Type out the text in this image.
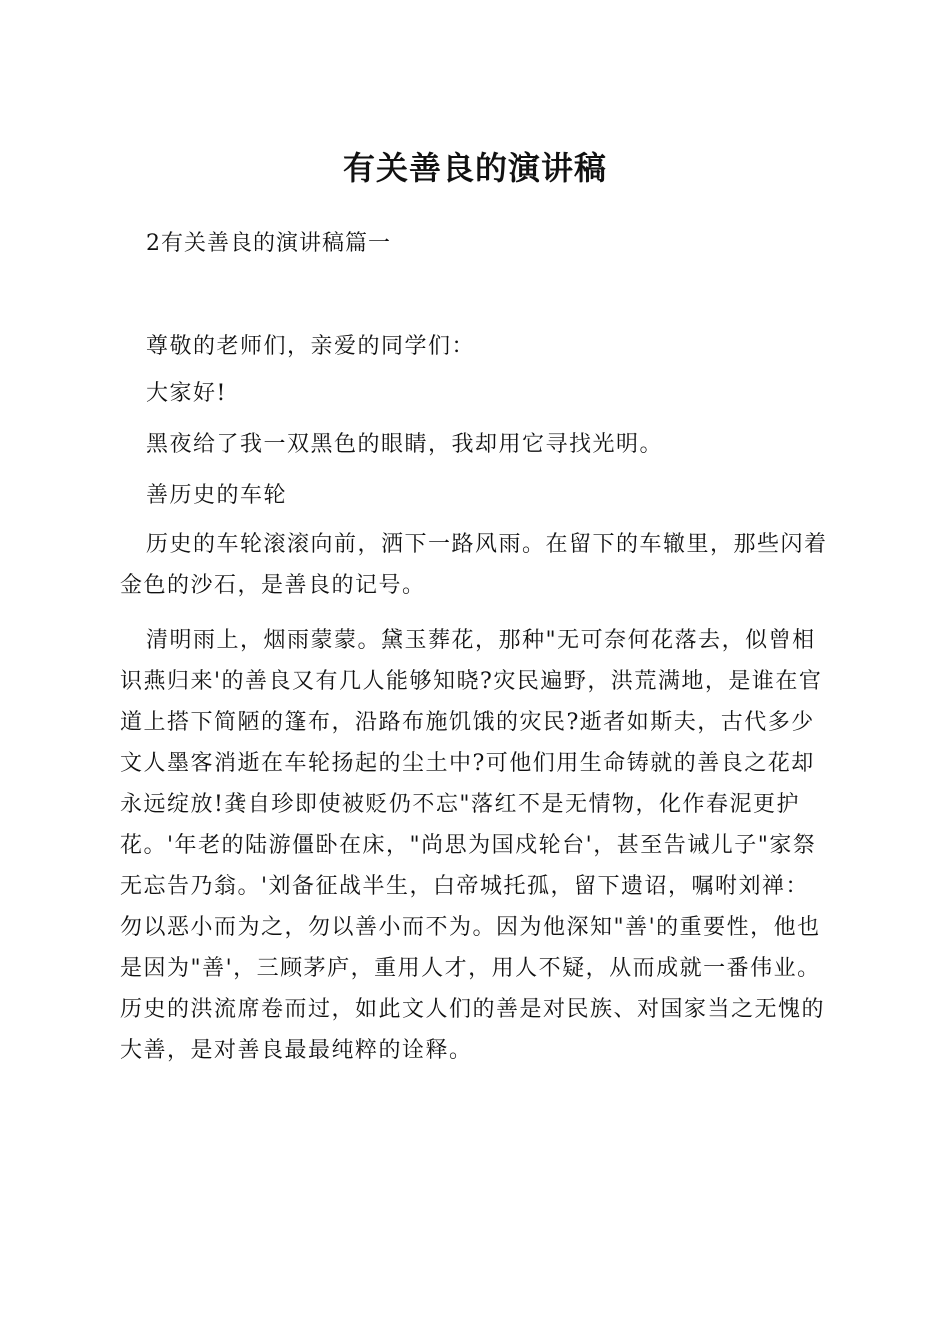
有关善良的演讲稿
2有关善良的演讲稿篇一

尊敬的老师们，亲爱的同学们：

大家好!

黑夜给了我一双黑色的眼睛，我却用它寻找光明。

善历史的车轮

历史的车轮滚滚向前，洒下一路风雨。在留下的车辙里，那些闪着金色的沙石，是善良的记号。

清明雨上，烟雨蒙蒙。黛玉葬花，那种"无可奈何花落去，似曾相识燕归来'的善良又有几人能够知晓?灾民遍野，洪荒满地，是谁在官道上搭下简陋的篷布，沿路布施饥饿的灾民?逝者如斯夫，古代多少文人墨客消逝在车轮扬起的尘土中?可他们用生命铸就的善良之花却永远绽放!龚自珍即使被贬仍不忘"落红不是无情物，化作春泥更护花。'年老的陆游僵卧在床，"尚思为国戍轮台'，甚至告诫儿子"家祭无忘告乃翁。'刘备征战半生，白帝城托孤，留下遗诏，嘱咐刘禅：勿以恶小而为之，勿以善小而不为。因为他深知"善'的重要性，他也是因为"善'，三顾茅庐，重用人才，用人不疑，从而成就一番伟业。历史的洪流席卷而过，如此文人们的善是对民族、对国家当之无愧的大善，是对善良最最纯粹的诠释。
